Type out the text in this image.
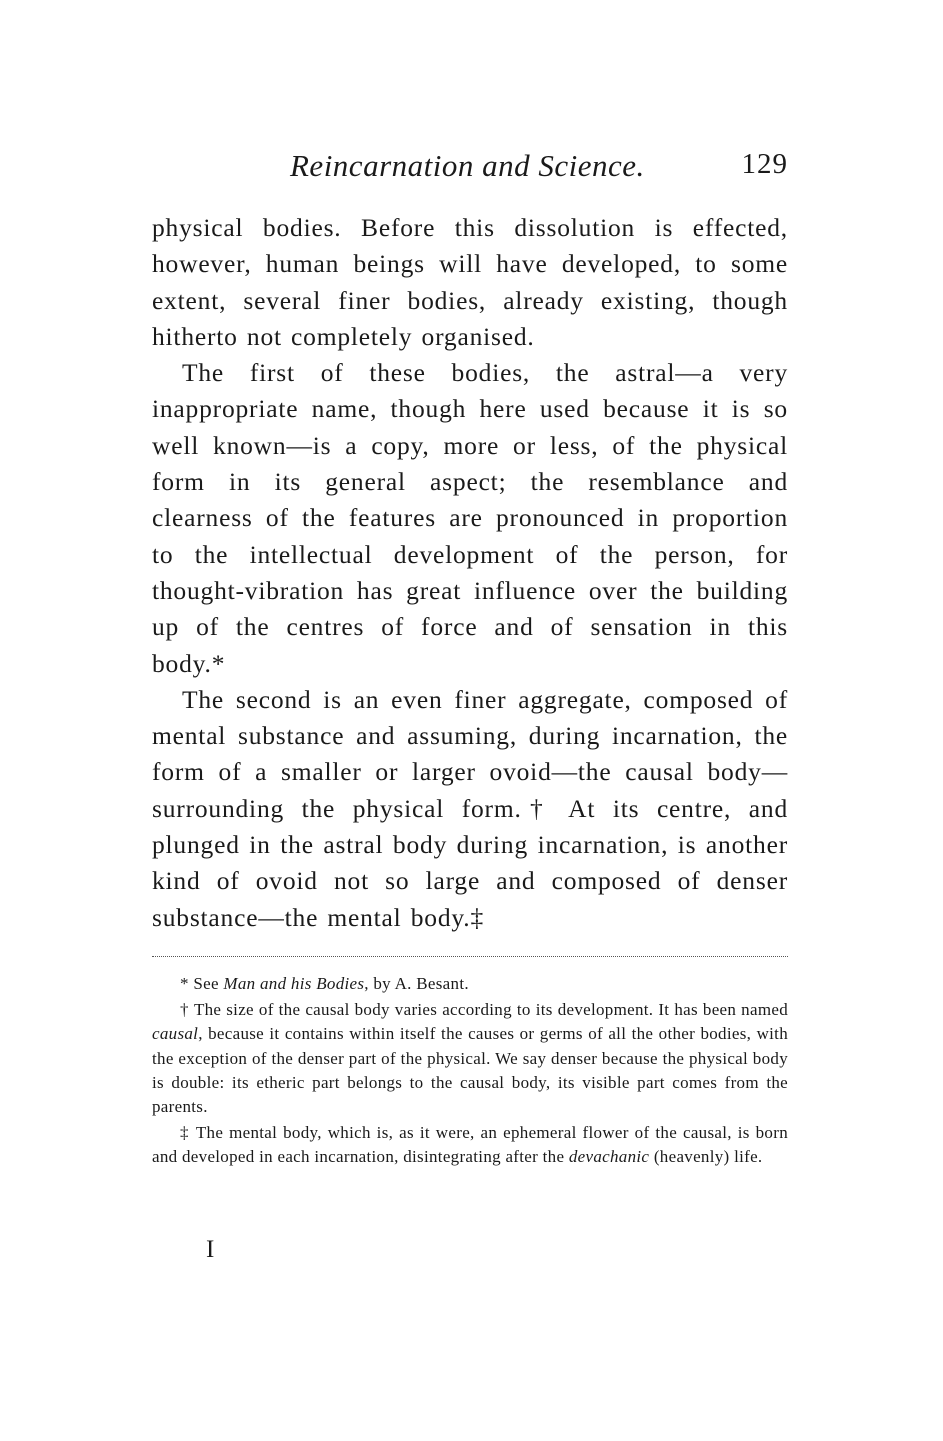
Reincarnation and Science.	129

physical bodies. Before this dissolution is effected, however, human beings will have developed, to some extent, several finer bodies, already existing, though hitherto not completely organised.

The first of these bodies, the astral—a very inappropriate name, though here used because it is so well known—is a copy, more or less, of the physical form in its general aspect; the resemblance and clearness of the features are pronounced in proportion to the intellectual development of the person, for thought-vibration has great influence over the building up of the centres of force and of sensation in this body.*

The second is an even finer aggregate, composed of mental substance and assuming, during incarnation, the form of a smaller or larger ovoid—the causal body—surrounding the physical form.† At its centre, and plunged in the astral body during incarnation, is another kind of ovoid not so large and composed of denser substance—the mental body.‡

* See Man and his Bodies, by A. Besant.

† The size of the causal body varies according to its development. It has been named causal, because it contains within itself the causes or germs of all the other bodies, with the exception of the denser part of the physical. We say denser because the physical body is double: its etheric part belongs to the causal body, its visible part comes from the parents.

‡ The mental body, which is, as it were, an ephemeral flower of the causal, is born and developed in each incarnation, disintegrating after the devachanic (heavenly) life.

I
